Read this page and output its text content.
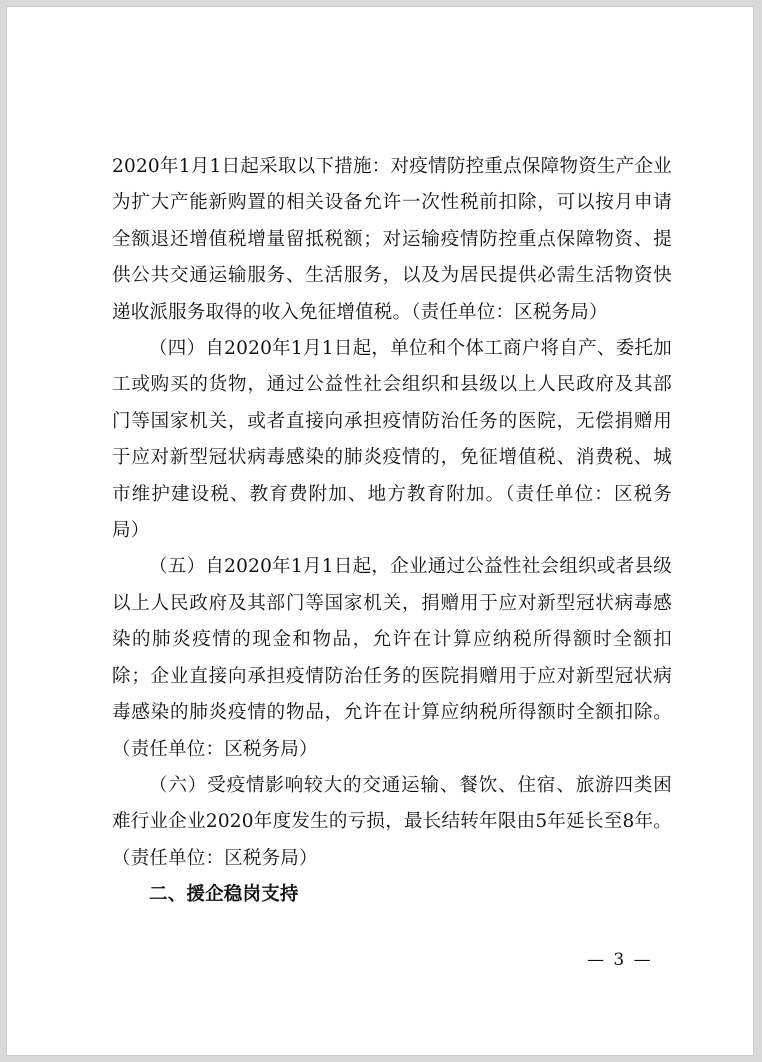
2020年1月1日起采取以下措施：对疫情防控重点保障物资生产企业为扩大产能新购置的相关设备允许一次性税前扣除，可以按月申请全额退还增值税增量留抵税额；对运输疫情防控重点保障物资、提供公共交通运输服务、生活服务，以及为居民提供必需生活物资快递收派服务取得的收入免征增值税。（责任单位：区税务局）

（四）自2020年1月1日起，单位和个体工商户将自产、委托加工或购买的货物，通过公益性社会组织和县级以上人民政府及其部门等国家机关，或者直接向承担疫情防治任务的医院，无偿捐赠用于应对新型冠状病毒感染的肺炎疫情的，免征增值税、消费税、城市维护建设税、教育费附加、地方教育附加。（责任单位：区税务局）

（五）自2020年1月1日起，企业通过公益性社会组织或者县级以上人民政府及其部门等国家机关，捐赠用于应对新型冠状病毒感染的肺炎疫情的现金和物品，允许在计算应纳税所得额时全额扣除；企业直接向承担疫情防治任务的医院捐赠用于应对新型冠状病毒感染的肺炎疫情的物品，允许在计算应纳税所得额时全额扣除。（责任单位：区税务局）

（六）受疫情影响较大的交通运输、餐饮、住宿、旅游四类困难行业企业2020年度发生的亏损，最长结转年限由5年延长至8年。（责任单位：区税务局）

二、援企稳岗支持

— 3 —
